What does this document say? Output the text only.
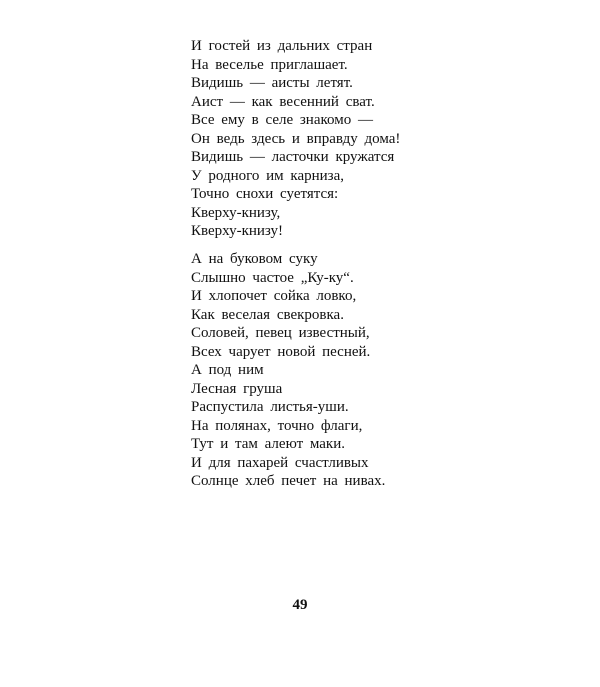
И гостей из дальних стран
На веселье приглашает.
Видишь — аисты летят.
Аист — как весенний сват.
Все ему в селе знакомо —
Он ведь здесь и вправду дома!
Видишь — ласточки кружатся
У родного им карниза,
Точно снохи суетятся:
Кверху-книзу,
Кверху-книзу!
А на буковом суку
Слышно частое „Ку-ку“.
И хлопочет сойка ловко,
Как веселая свекровка.
Соловей, певец известный,
Всех чарует новой песней.
А под ним
Лесная груша
Распустила листья-уши.
На полянах, точно флаги,
Тут и там алеют маки.
И для пахарей счастливых
Солнце хлеб печет на нивах.
49
